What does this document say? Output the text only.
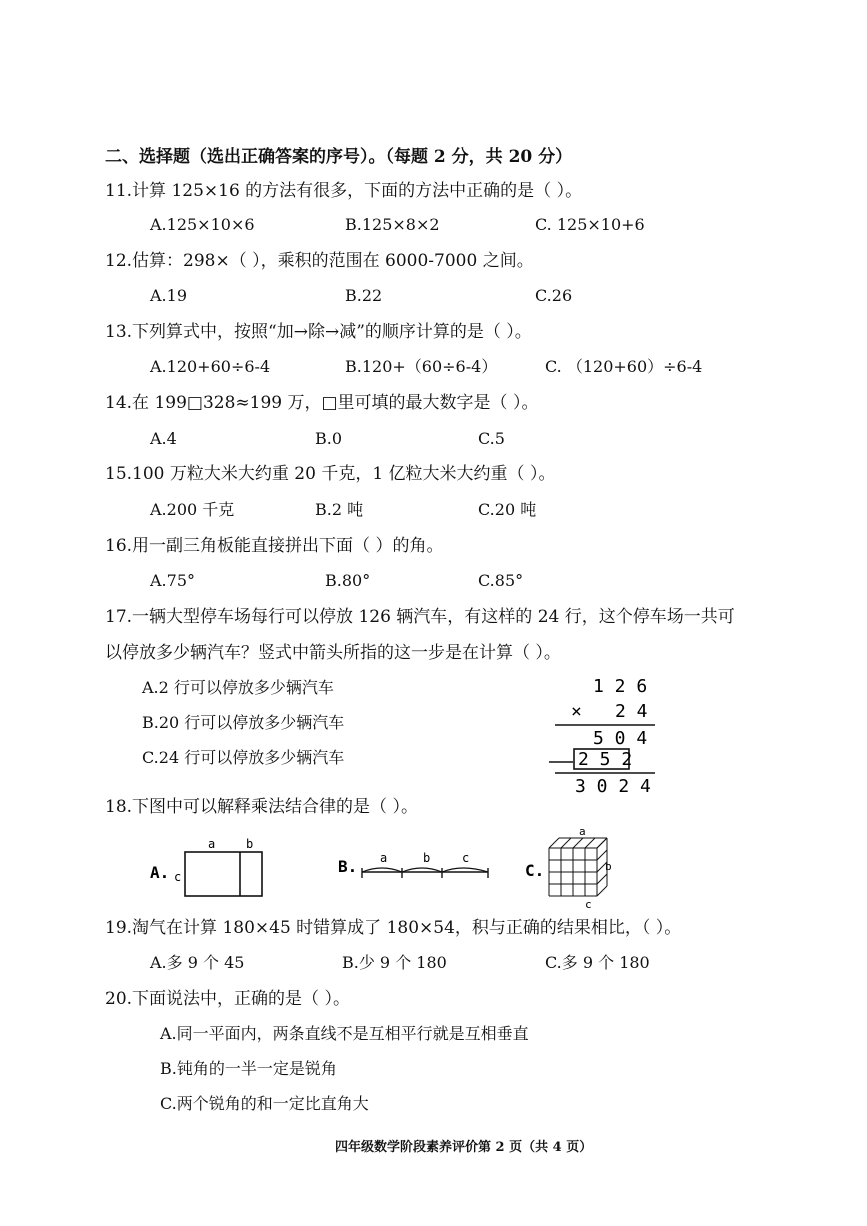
二、选择题（选出正确答案的序号）。（每题 2 分，共 20 分）
11.计算 125×16 的方法有很多，下面的方法中正确的是（ ）。
A.125×10×6	B.125×8×2	C. 125×10+6
12.估算：298×（ ），乘积的范围在 6000-7000 之间。
A.19	B.22	C.26
13.下列算式中，按照“加→除→减”的顺序计算的是（ ）。
A.120+60÷6-4	B.120+（60÷6-4）	C. （120+60）÷6-4
14.在 199□328≈199 万，□里可填的最大数字是（ ）。
A.4	B.0	C.5
15.100 万粒大米大约重 20 千克，1 亿粒大米大约重（ ）。
A.200 千克	B.2 吨	C.20 吨
16.用一副三角板能直接拼出下面（ ）的角。
A.75°	B.80°	C.85°
17.一辆大型停车场每行可以停放 126 辆汽车，有这样的 24 行，这个停车场一共可
以停放多少辆汽车？竖式中箭头所指的这一步是在计算（ ）。
A.2 行可以停放多少辆汽车
B.20 行可以停放多少辆汽车
C.24 行可以停放多少辆汽车
1 2 6
× 2 4
5 0 4
2 5 2
3 0 2 4
18.下图中可以解释乘法结合律的是（ ）。
A. c
a	b
B. a	b	c
C.
a
b
c
19.淘气在计算 180×45 时错算成了 180×54，积与正确的结果相比，（ ）。
A.多 9 个 45	B.少 9 个 180	C.多 9 个 180
20.下面说法中，正确的是（ ）。
A.同一平面内，两条直线不是互相平行就是互相垂直
B.钝角的一半一定是锐角
C.两个锐角的和一定比直角大
四年级数学阶段素养评价第 2 页（共 4 页）
